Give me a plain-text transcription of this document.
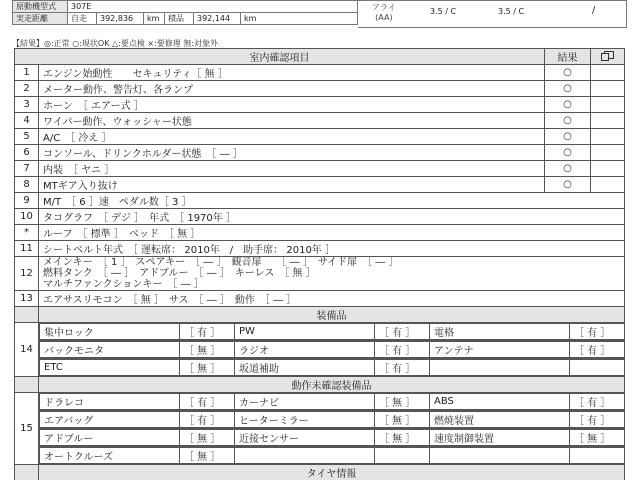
原動機型式	307E					
実走距離	自走	392,836	km	積品	392,144	km
アライ
(AA)
3.5 / C	3.5 / C	/
【結果】◎:正常 ○:現状OK △:要点検 ×:要修理 無:対象外
室内確認項目	結果	
1	エンジン始動性　　セキュリティ［ 無 ］	○	
2	メーター動作、警告灯、各ランプ	○	
3	ホーン　［ エアー式 ］	○	
4	ワイパー動作、ウォッシャー状態	○	
5	A/C　［ 冷え ］	○	
6	コンソール、ドリンクホルダー状態　［ ― ］	○	
7	内装　［ ヤニ ］	○	
8	MTギア入り抜け	○	
9	M/T　［ 6 ］速　ペダル数［ 3 ］
10	タコグラフ　［ デジ ］　年式　［ 1970年 ］
*	ルーフ　［ 標準 ］　ベッド　［ 無 ］
11	シートベルト年式　［ 運転席： 2010年　/　助手席： 2010年 ］
12	
メインキー　［ 1 ］　スペアキー　［ ― ］　観音扉　　［ ― ］　サイド扉　［ ― ］
燃料タンク　［ ― ］　アドブルー　［ ― ］　キーレス　［ 無 ］
マルチファンクションキー　［ ― ］

13	エアサスリモコン　［ 無 ］　サス　［ ― ］　動作　［ ― ］
	装備品
14	
集中ロック	［ 有 ］	PW	［ 有 ］	電格	［ 有 ］

バックモニタ	［ 無 ］	ラジオ	［ 有 ］	アンテナ	［ 有 ］

ETC	［ 無 ］	坂道補助	［ 有 ］		

	動作未確認装備品
15	
ドラレコ	［ 有 ］	カーナビ	［ 無 ］	ABS	［ 有 ］

エアバッグ	［ 有 ］	ヒーターミラー	［ 無 ］	燃焼装置	［ 有 ］

アドブルー	［ 無 ］	近接センサー	［ 無 ］	速度制御装置	［ 無 ］

オートクルーズ	［ 無 ］				

	タイヤ情報
